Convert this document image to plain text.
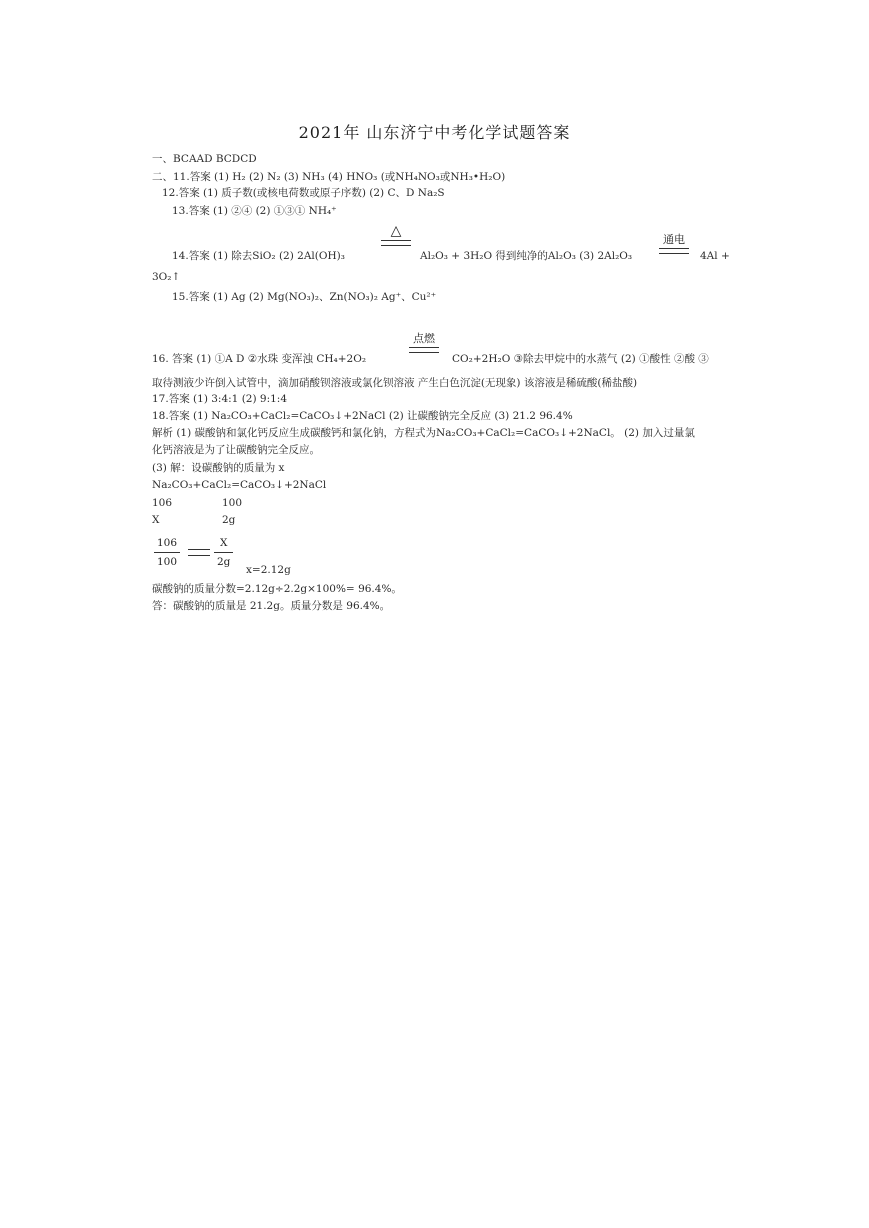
2021年 山东济宁中考化学试题答案
一、BCAAD BCDCD
二、11.答案 (1) H₂ (2) N₂ (3) NH₃ (4) HNO₃ (或NH₄NO₃或NH₃•H₂O)
12.答案 (1) 质子数(或核电荷数或原子序数) (2) C、D Na₂S
13.答案 (1) ②④ (2) ①③① NH₄⁺
△
14.答案 (1) 除去SiO₂ (2) 2Al(OH)₃	Al₂O₃ + 3H₂O 得到纯净的Al₂O₃ (3) 2Al₂O₃
通电
4Al +
3O₂↑
15.答案 (1) Ag (2) Mg(NO₃)₂、Zn(NO₃)₂ Ag⁺、Cu²⁺
点燃
16. 答案 (1) ①A D ②水珠 变浑浊 CH₄+2O₂	CO₂+2H₂O ③除去甲烷中的水蒸气 (2) ①酸性 ②酸 ③
取待测液少许倒入试管中，滴加硝酸钡溶液或氯化钡溶液 产生白色沉淀(无现象) 该溶液是稀硫酸(稀盐酸)
17.答案 (1) 3:4:1 (2) 9:1:4
18.答案 (1) Na₂CO₃+CaCl₂=CaCO₃↓+2NaCl (2) 让碳酸钠完全反应 (3) 21.2 96.4%
解析 (1) 碳酸钠和氯化钙反应生成碳酸钙和氯化钠，方程式为Na₂CO₃+CaCl₂=CaCO₃↓+2NaCl。 (2) 加入过量氯
化钙溶液是为了让碳酸钠完全反应。
(3) 解：设碳酸钠的质量为 x
Na₂CO₃+CaCl₂=CaCO₃↓+2NaCl
106	100
X	2g
106
100
X
2g
x=2.12g
碳酸钠的质量分数=2.12g÷2.2g×100%= 96.4%。
答：碳酸钠的质量是 21.2g。质量分数是 96.4%。
